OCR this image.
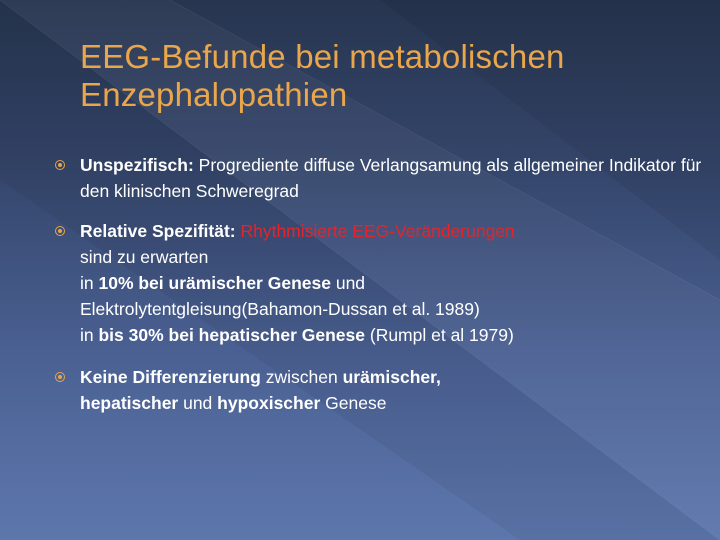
EEG-Befunde bei metabolischen
Enzephalopathien
Unspezifisch: Progrediente diffuse Verlangsamung als allgemeiner Indikator für den klinischen Schweregrad
Relative Spezifität: Rhythmisierte EEG-Veränderungen
sind zu erwarten
in 10% bei urämischer Genese und
Elektrolytentgleisung(Bahamon-Dussan et al. 1989)
in bis 30% bei hepatischer Genese (Rumpl et al 1979)
Keine Differenzierung zwischen urämischer,
hepatischer und hypoxischer Genese
